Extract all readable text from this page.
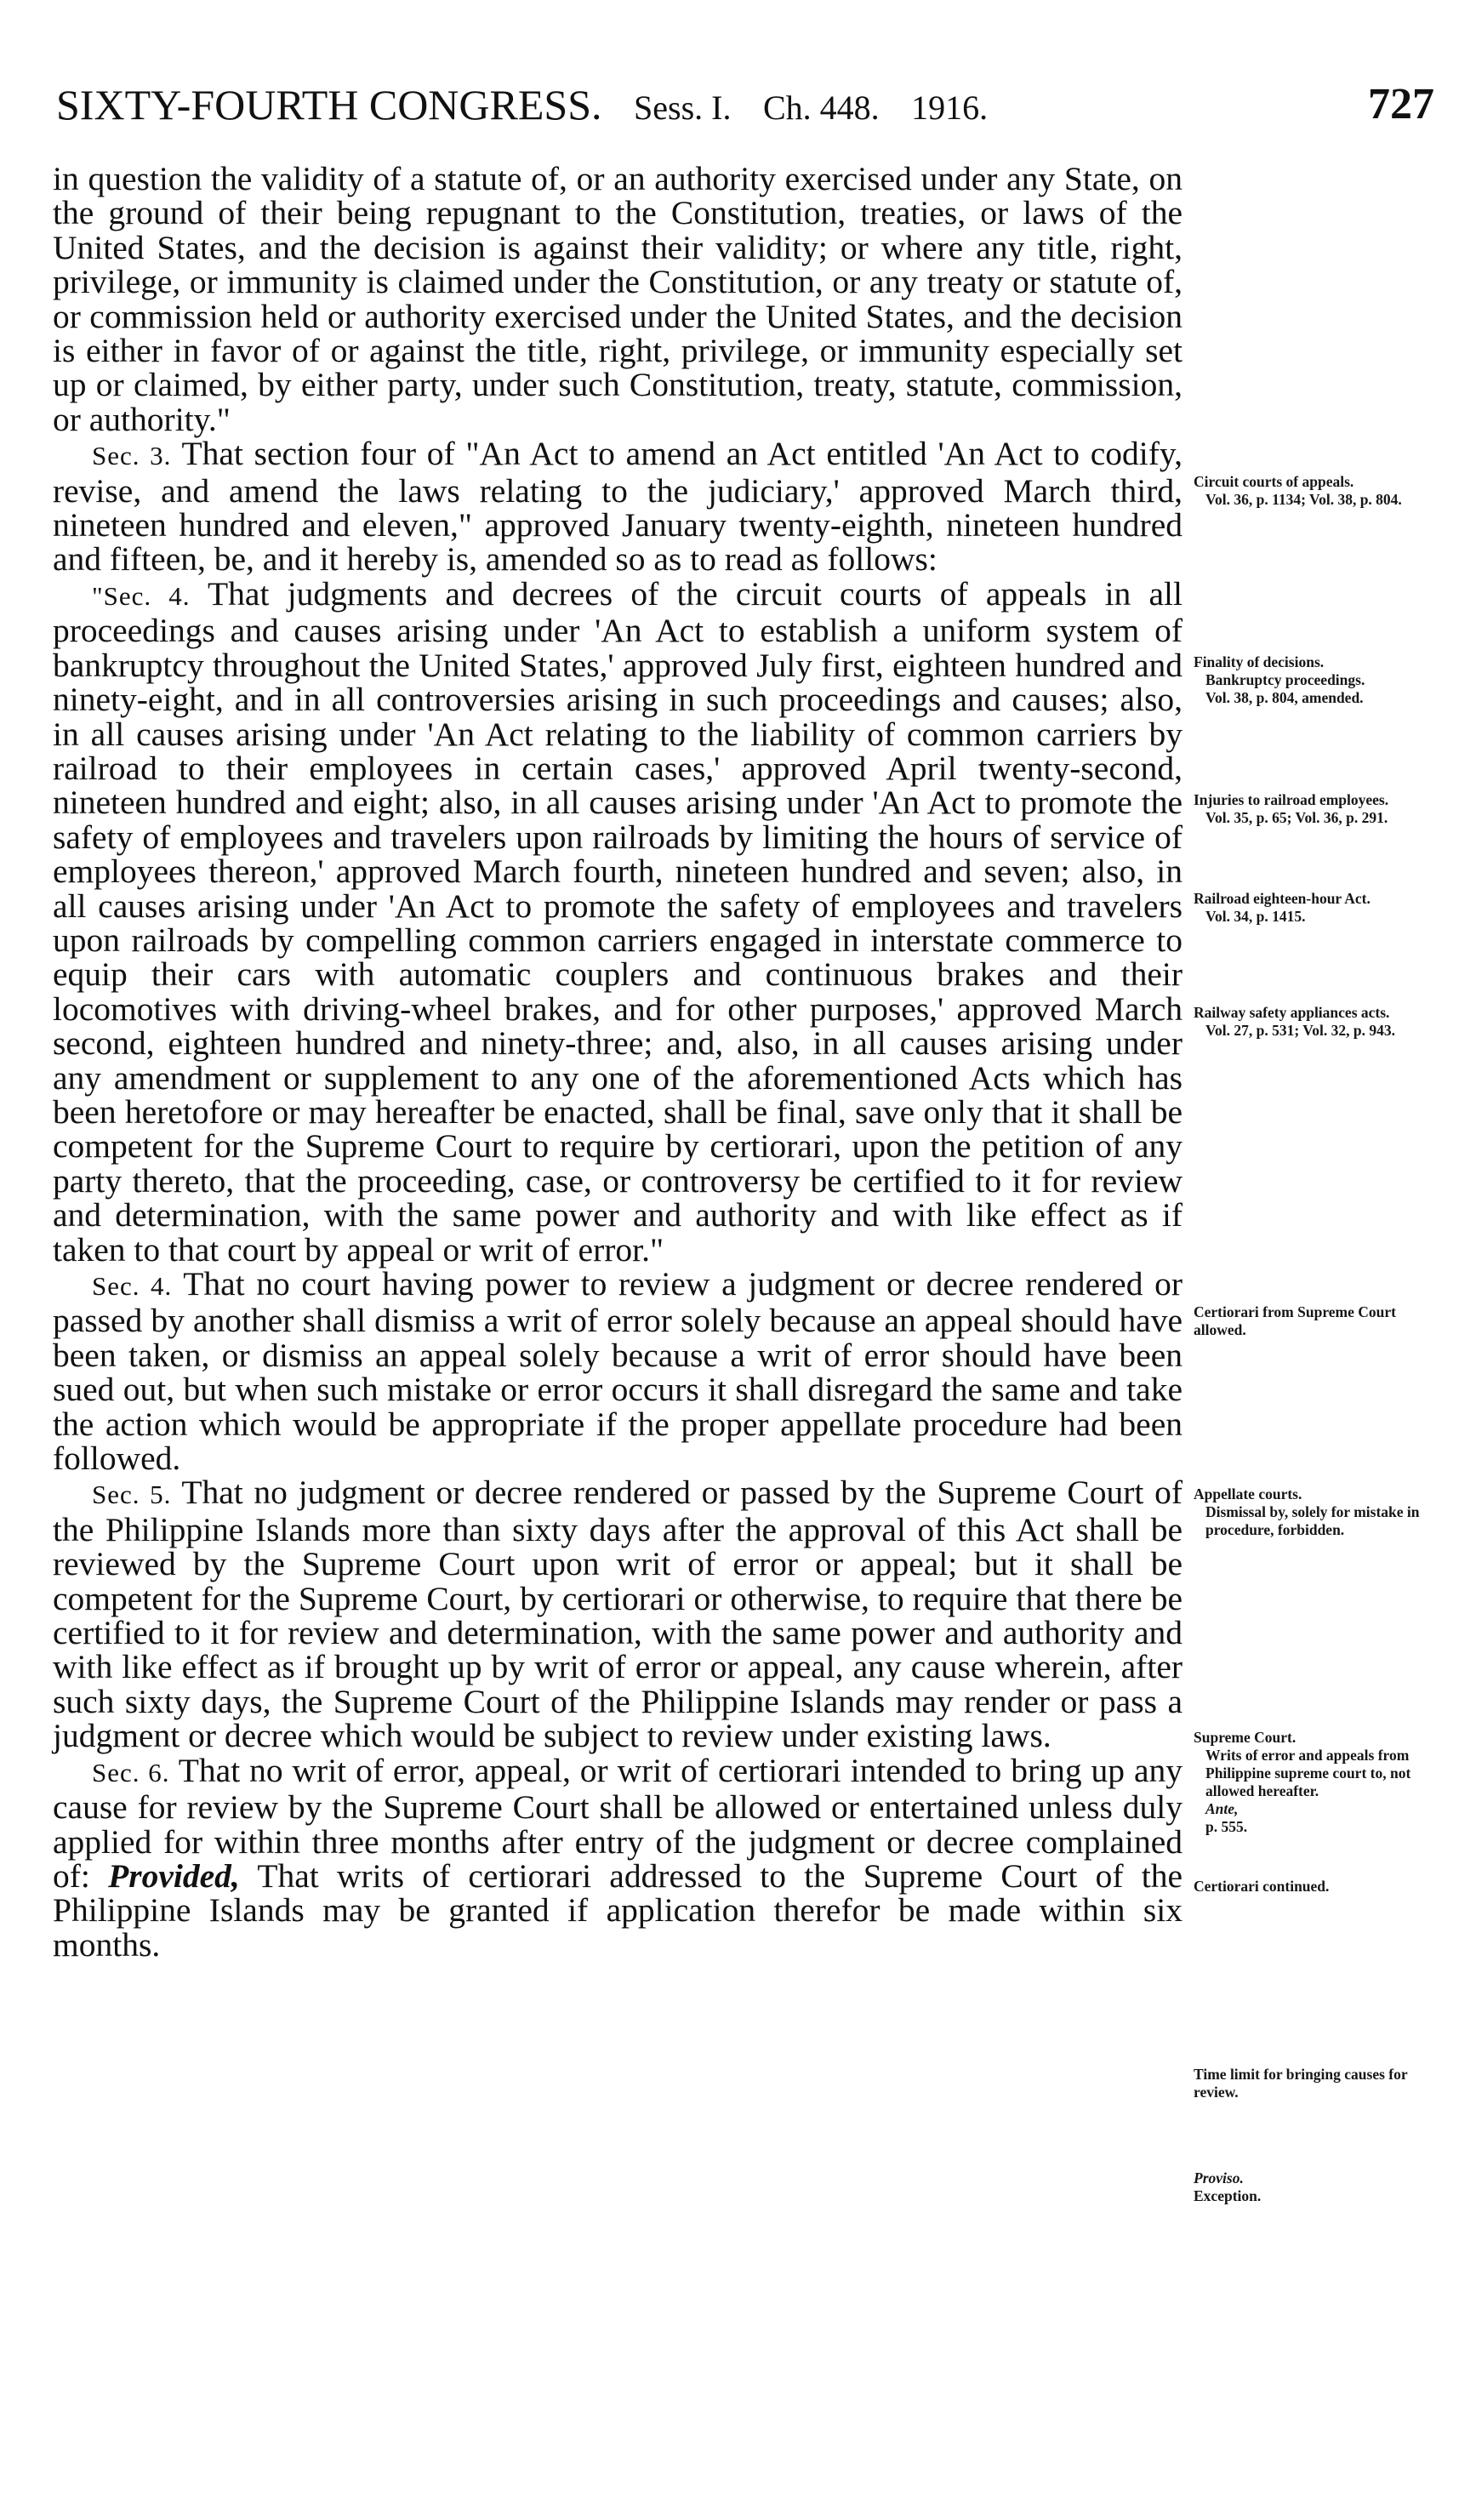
SIXTY-FOURTH CONGRESS. Sess. I. Ch. 448. 1916.	727

in question the validity of a statute of, or an authority exercised under any State, on the ground of their being repugnant to the Constitution, treaties, or laws of the United States, and the decision is against their validity; or where any title, right, privilege, or immunity is claimed under the Constitution, or any treaty or statute of, or commission held or authority exercised under the United States, and the decision is either in favor of or against the title, right, privilege, or immunity especially set up or claimed, by either party, under such Constitution, treaty, statute, commission, or authority."

Sec. 3. That section four of "An Act to amend an Act entitled 'An Act to codify, revise, and amend the laws relating to the judiciary,' approved March third, nineteen hundred and eleven," approved January twenty-eighth, nineteen hundred and fifteen, be, and it hereby is, amended so as to read as follows:

"Sec. 4. That judgments and decrees of the circuit courts of appeals in all proceedings and causes arising under 'An Act to establish a uniform system of bankruptcy throughout the United States,' approved July first, eighteen hundred and ninety-eight, and in all controversies arising in such proceedings and causes; also, in all causes arising under 'An Act relating to the liability of common carriers by railroad to their employees in certain cases,' approved April twenty-second, nineteen hundred and eight; also, in all causes arising under 'An Act to promote the safety of employees and travelers upon railroads by limiting the hours of service of employees thereon,' approved March fourth, nineteen hundred and seven; also, in all causes arising under 'An Act to promote the safety of employees and travelers upon railroads by compelling common carriers engaged in interstate commerce to equip their cars with automatic couplers and continuous brakes and their locomotives with driving-wheel brakes, and for other purposes,' approved March second, eighteen hundred and ninety-three; and, also, in all causes arising under any amendment or supplement to any one of the aforementioned Acts which has been heretofore or may hereafter be enacted, shall be final, save only that it shall be competent for the Supreme Court to require by certiorari, upon the petition of any party thereto, that the proceeding, case, or controversy be certified to it for review and determination, with the same power and authority and with like effect as if taken to that court by appeal or writ of error."

Sec. 4. That no court having power to review a judgment or decree rendered or passed by another shall dismiss a writ of error solely because an appeal should have been taken, or dismiss an appeal solely because a writ of error should have been sued out, but when such mistake or error occurs it shall disregard the same and take the action which would be appropriate if the proper appellate procedure had been followed.

Sec. 5. That no judgment or decree rendered or passed by the Supreme Court of the Philippine Islands more than sixty days after the approval of this Act shall be reviewed by the Supreme Court upon writ of error or appeal; but it shall be competent for the Supreme Court, by certiorari or otherwise, to require that there be certified to it for review and determination, with the same power and authority and with like effect as if brought up by writ of error or appeal, any cause wherein, after such sixty days, the Supreme Court of the Philippine Islands may render or pass a judgment or decree which would be subject to review under existing laws.

Sec. 6. That no writ of error, appeal, or writ of certiorari intended to bring up any cause for review by the Supreme Court shall be allowed or entertained unless duly applied for within three months after entry of the judgment or decree complained of: Provided, That writs of certiorari addressed to the Supreme Court of the Philippine Islands may be granted if application therefor be made within six months.

Circuit courts of appeals.
Vol. 36, p. 1134; Vol. 38, p. 804.
Finality of decisions.
Bankruptcy proceedings.
Vol. 38, p. 804, amended.
Injuries to railroad employees.
Vol. 35, p. 65; Vol. 36, p. 291.
Railroad eighteen-hour Act.
Vol. 34, p. 1415.
Railway safety appliances acts.
Vol. 27, p. 531; Vol. 32, p. 943.
Certiorari from Supreme Court allowed.
Appellate courts.
Dismissal by, solely for mistake in procedure, forbidden.
Supreme Court.
Writs of error and appeals from Philippine supreme court to, not allowed hereafter.
Ante,
p. 555.
Certiorari continued.
Time limit for bringing causes for review.
Proviso.
Exception.
